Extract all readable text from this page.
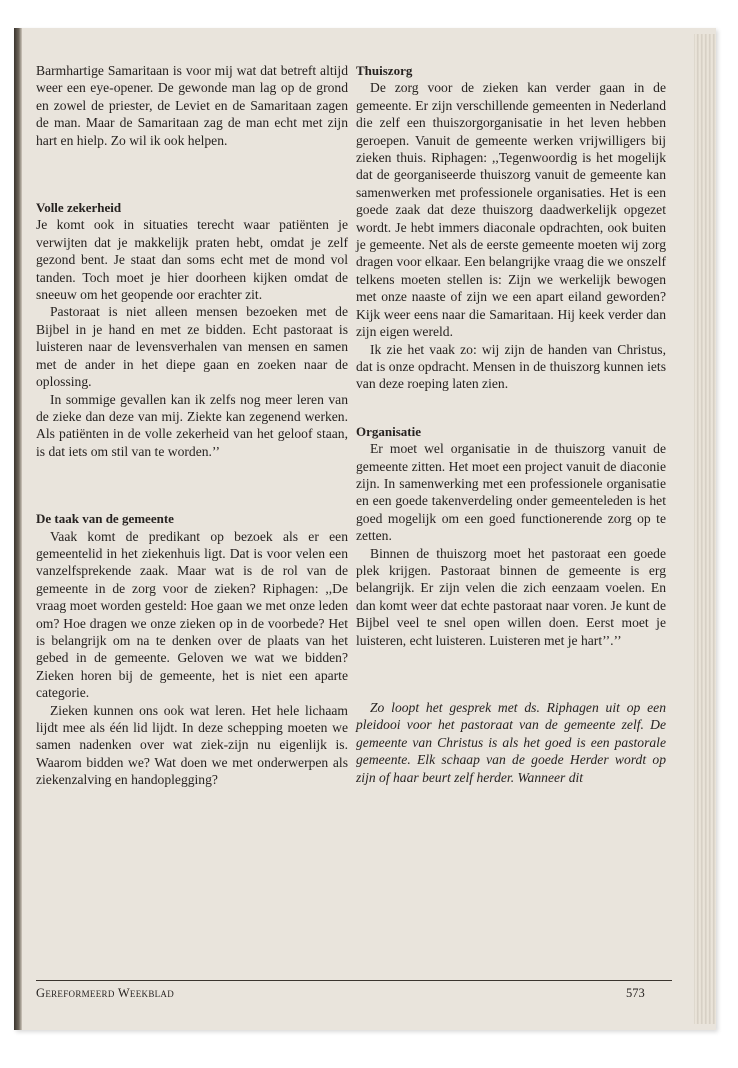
Barmhartige Samaritaan is voor mij wat dat betreft altijd weer een eye-opener. De gewonde man lag op de grond en zowel de priester, de Leviet en de Samaritaan zagen de man. Maar de Samaritaan zag de man echt met zijn hart en hielp. Zo wil ik ook helpen.

Volle zekerheid

Je komt ook in situaties terecht waar patiënten je verwijten dat je makkelijk praten hebt, omdat je zelf gezond bent. Je staat dan soms echt met de mond vol tanden. Toch moet je hier doorheen kijken omdat de sneeuw om het geopende oor erachter zit.

Pastoraat is niet alleen mensen bezoeken met de Bijbel in je hand en met ze bidden. Echt pastoraat is luisteren naar de levensverhalen van mensen en samen met de ander in het diepe gaan en zoeken naar de oplossing.

In sommige gevallen kan ik zelfs nog meer leren van de zieke dan deze van mij. Ziekte kan zegenend werken. Als patiënten in de volle zekerheid van het geloof staan, is dat iets om stil van te worden.’’

De taak van de gemeente

Vaak komt de predikant op bezoek als er een gemeentelid in het ziekenhuis ligt. Dat is voor velen een vanzelfsprekende zaak. Maar wat is de rol van de gemeente in de zorg voor de zieken? Riphagen: ,,De vraag moet worden gesteld: Hoe gaan we met onze leden om? Hoe dragen we onze zieken op in de voorbede? Het is belangrijk om na te denken over de plaats van het gebed in de gemeente. Geloven we wat we bidden? Zieken horen bij de gemeente, het is niet een aparte categorie.

Zieken kunnen ons ook wat leren. Het hele lichaam lijdt mee als één lid lijdt. In deze schepping moeten we samen nadenken over wat ziek-zijn nu eigenlijk is. Waarom bidden we? Wat doen we met onderwerpen als ziekenzalving en handoplegging?

Thuiszorg

De zorg voor de zieken kan verder gaan in de gemeente. Er zijn verschillende gemeenten in Nederland die zelf een thuiszorgorganisatie in het leven hebben geroepen. Vanuit de gemeente werken vrijwilligers bij zieken thuis. Riphagen: ,,Tegenwoordig is het mogelijk dat de georganiseerde thuiszorg vanuit de gemeente kan samenwerken met professionele organisaties. Het is een goede zaak dat deze thuiszorg daadwerkelijk opgezet wordt. Je hebt immers diaconale opdrachten, ook buiten je gemeente. Net als de eerste gemeente moeten wij zorg dragen voor elkaar. Een belangrijke vraag die we onszelf telkens moeten stellen is: Zijn we werkelijk bewogen met onze naaste of zijn we een apart eiland geworden? Kijk weer eens naar die Samaritaan. Hij keek verder dan zijn eigen wereld.

Ik zie het vaak zo: wij zijn de handen van Christus, dat is onze opdracht. Mensen in de thuiszorg kunnen iets van deze roeping laten zien.

Organisatie

Er moet wel organisatie in de thuiszorg vanuit de gemeente zitten. Het moet een project vanuit de diaconie zijn. In samenwerking met een professionele organisatie en een goede takenverdeling onder gemeenteleden is het goed mogelijk om een goed functionerende zorg op te zetten.

Binnen de thuiszorg moet het pastoraat een goede plek krijgen. Pastoraat binnen de gemeente is erg belangrijk. Er zijn velen die zich eenzaam voelen. En dan komt weer dat echte pastoraat naar voren. Je kunt de Bijbel veel te snel open willen doen. Eerst moet je luisteren, echt luisteren. Luisteren met je hart’’.’’

Zo loopt het gesprek met ds. Riphagen uit op een pleidooi voor het pastoraat van de gemeente zelf. De gemeente van Christus is als het goed is een pastorale gemeente. Elk schaap van de goede Herder wordt op zijn of haar beurt zelf herder. Wanneer dit

Gereformeerd Weekblad	573
